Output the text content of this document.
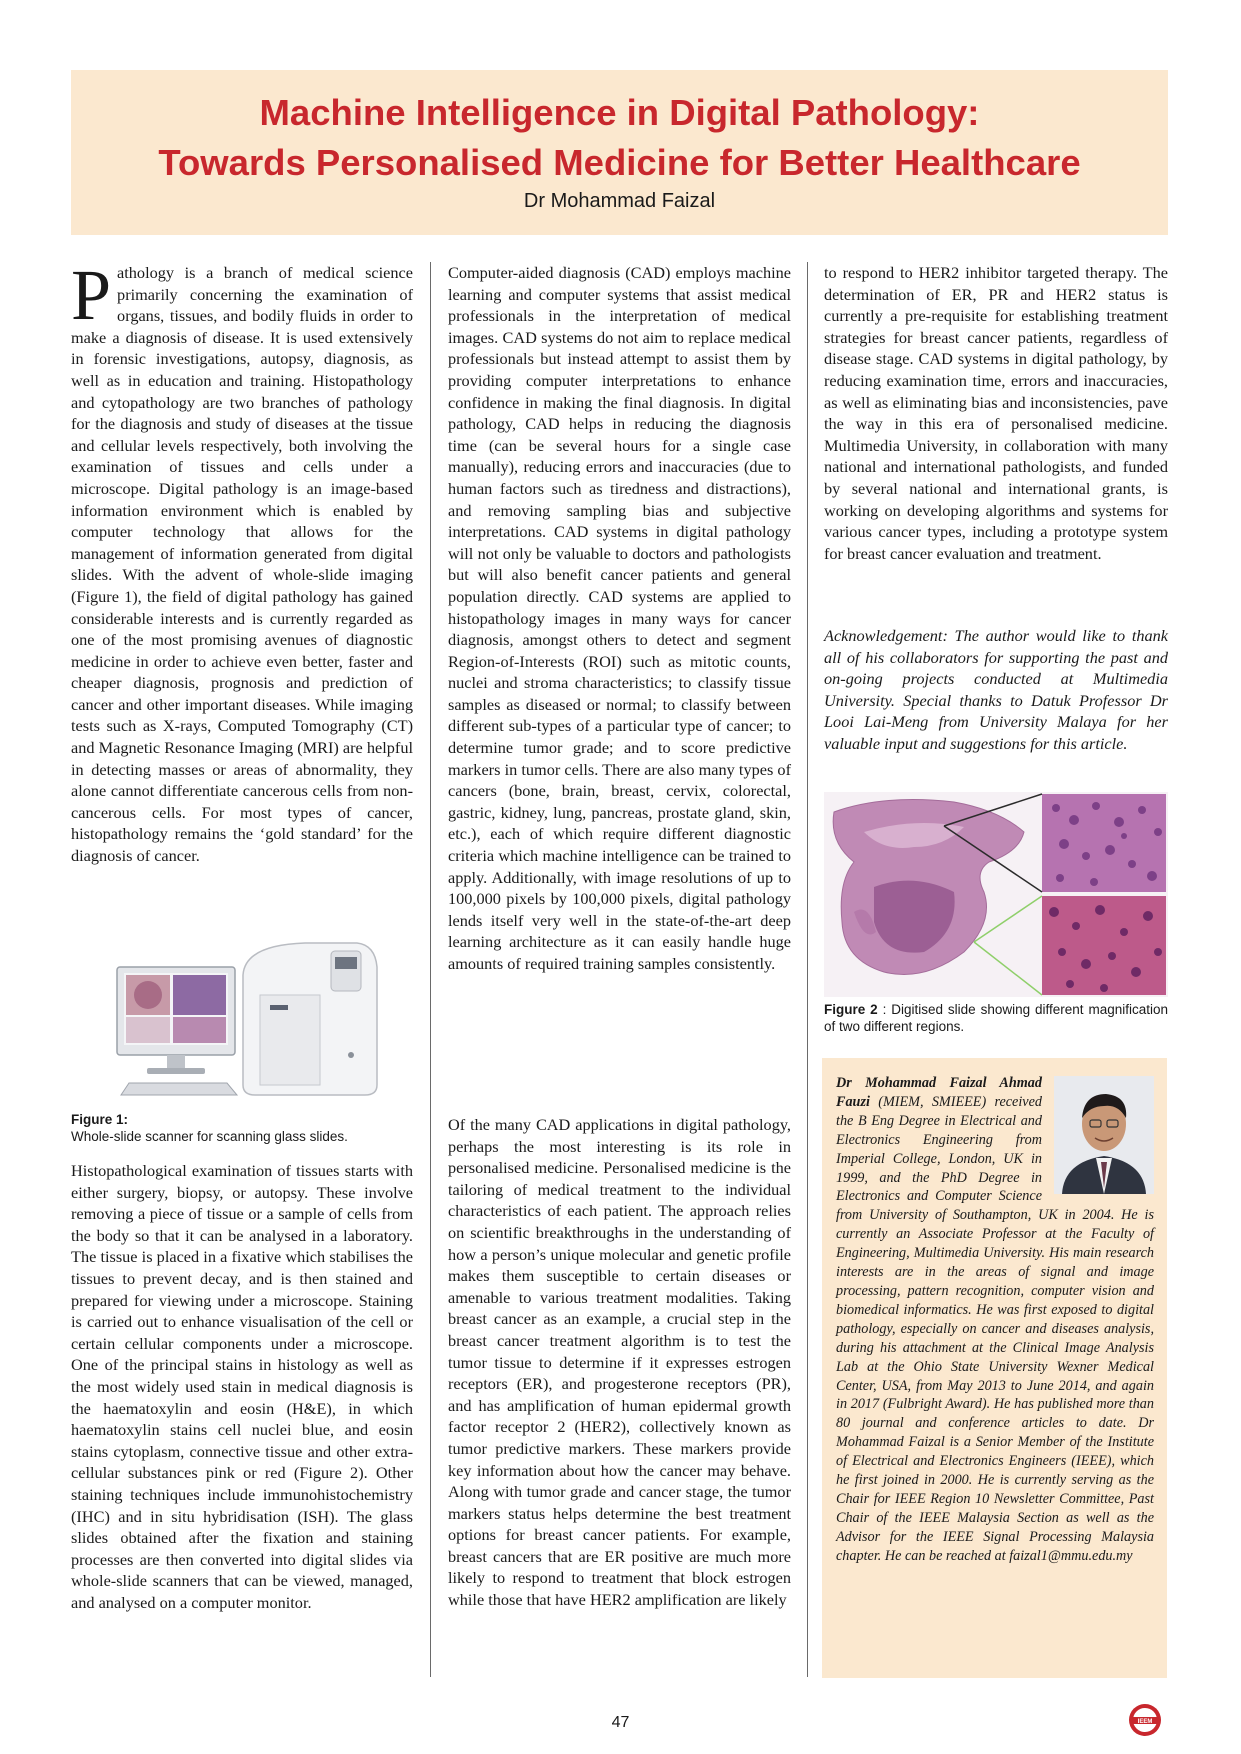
Machine Intelligence in Digital Pathology:
Towards Personalised Medicine for Better Healthcare
Dr Mohammad Faizal

Pathology is a branch of medical science primarily concerning the examination of organs, tissues, and bodily fluids in order to make a diagnosis of disease. It is used extensively in forensic investigations, autopsy, diagnosis, as well as in education and training. Histopathology and cytopathology are two branches of pathology for the diagnosis and study of diseases at the tissue and cellular levels respectively, both involving the examination of tissues and cells under a microscope. Digital pathology is an image-based information environment which is enabled by computer technology that allows for the management of information generated from digital slides. With the advent of whole-slide imaging (Figure 1), the field of digital pathology has gained considerable interests and is currently regarded as one of the most promising avenues of diagnostic medicine in order to achieve even better, faster and cheaper diagnosis, prognosis and prediction of cancer and other important diseases. While imaging tests such as X-rays, Computed Tomography (CT) and Magnetic Resonance Imaging (MRI) are helpful in detecting masses or areas of abnormality, they alone cannot differentiate cancerous cells from non-cancerous cells. For most types of cancer, histopathology remains the ‘gold standard’ for the diagnosis of cancer.

Figure 1:
Whole-slide scanner for scanning glass slides.

Histopathological examination of tissues starts with either surgery, biopsy, or autopsy. These involve removing a piece of tissue or a sample of cells from the body so that it can be analysed in a laboratory. The tissue is placed in a fixative which stabilises the tissues to prevent decay, and is then stained and prepared for viewing under a microscope. Staining is carried out to enhance visualisation of the cell or certain cellular components under a microscope. One of the principal stains in histology as well as the most widely used stain in medical diagnosis is the haematoxylin and eosin (H&E), in which haematoxylin stains cell nuclei blue, and eosin stains cytoplasm, connective tissue and other extra-cellular substances pink or red (Figure 2). Other staining techniques include immunohistochemistry (IHC) and in situ hybridisation (ISH). The glass slides obtained after the fixation and staining processes are then converted into digital slides via whole-slide scanners that can be viewed, managed, and analysed on a computer monitor.

Computer-aided diagnosis (CAD) employs machine learning and computer systems that assist medical professionals in the interpretation of medical images. CAD systems do not aim to replace medical professionals but instead attempt to assist them by providing computer interpretations to enhance confidence in making the final diagnosis. In digital pathology, CAD helps in reducing the diagnosis time (can be several hours for a single case manually), reducing errors and inaccuracies (due to human factors such as tiredness and distractions), and removing sampling bias and subjective interpretations. CAD systems in digital pathology will not only be valuable to doctors and pathologists but will also benefit cancer patients and general population directly. CAD systems are applied to histopathology images in many ways for cancer diagnosis, amongst others to detect and segment Region-of-Interests (ROI) such as mitotic counts, nuclei and stroma characteristics; to classify tissue samples as diseased or normal; to classify between different sub-types of a particular type of cancer; to determine tumor grade; and to score predictive markers in tumor cells. There are also many types of cancers (bone, brain, breast, cervix, colorectal, gastric, kidney, lung, pancreas, prostate gland, skin, etc.), each of which require different diagnostic criteria which machine intelligence can be trained to apply. Additionally, with image resolutions of up to 100,000 pixels by 100,000 pixels, digital pathology lends itself very well in the state-of-the-art deep learning architecture as it can easily handle huge amounts of required training samples consistently.

Of the many CAD applications in digital pathology, perhaps the most interesting is its role in personalised medicine. Personalised medicine is the tailoring of medical treatment to the individual characteristics of each patient. The approach relies on scientific breakthroughs in the understanding of how a person’s unique molecular and genetic profile makes them susceptible to certain diseases or amenable to various treatment modalities. Taking breast cancer as an example, a crucial step in the breast cancer treatment algorithm is to test the tumor tissue to determine if it expresses estrogen receptors (ER), and progesterone receptors (PR), and has amplification of human epidermal growth factor receptor 2 (HER2), collectively known as tumor predictive markers. These markers provide key information about how the cancer may behave. Along with tumor grade and cancer stage, the tumor markers status helps determine the best treatment options for breast cancer patients. For example, breast cancers that are ER positive are much more likely to respond to treatment that block estrogen while those that have HER2 amplification are likely

to respond to HER2 inhibitor targeted therapy. The determination of ER, PR and HER2 status is currently a pre-requisite for establishing treatment strategies for breast cancer patients, regardless of disease stage. CAD systems in digital pathology, by reducing examination time, errors and inaccuracies, as well as eliminating bias and inconsistencies, pave the way in this era of personalised medicine. Multimedia University, in collaboration with many national and international pathologists, and funded by several national and international grants, is working on developing algorithms and systems for various cancer types, including a prototype system for breast cancer evaluation and treatment.

Acknowledgement: The author would like to thank all of his collaborators for supporting the past and on-going projects conducted at Multimedia University. Special thanks to Datuk Professor Dr Looi Lai-Meng from University Malaya for her valuable input and suggestions for this article.
Figure 2 : Digitised slide showing different magnification of two different regions.
Dr Mohammad Faizal Ahmad Fauzi (MIEM, SMIEEE) received the B Eng Degree in Electrical and Electronics Engineering from Imperial College, London, UK in 1999, and the PhD Degree in Electronics and Computer Science from University of Southampton, UK in 2004. He is currently an Associate Professor at the Faculty of Engineering, Multimedia University. His main research interests are in the areas of signal and image processing, pattern recognition, computer vision and biomedical informatics. He was first exposed to digital pathology, especially on cancer and diseases analysis, during his attachment at the Clinical Image Analysis Lab at the Ohio State University Wexner Medical Center, USA, from May 2013 to June 2014, and again in 2017 (Fulbright Award). He has published more than 80 journal and conference articles to date. Dr Mohammad Faizal is a Senior Member of the Institute of Electrical and Electronics Engineers (IEEE), which he first joined in 2000. He is currently serving as the Chair for IEEE Region 10 Newsletter Committee, Past Chair of the IEEE Malaysia Section as well as the Advisor for the IEEE Signal Processing Malaysia chapter. He can be reached at faizal1@mmu.edu.my
47	IEEM
